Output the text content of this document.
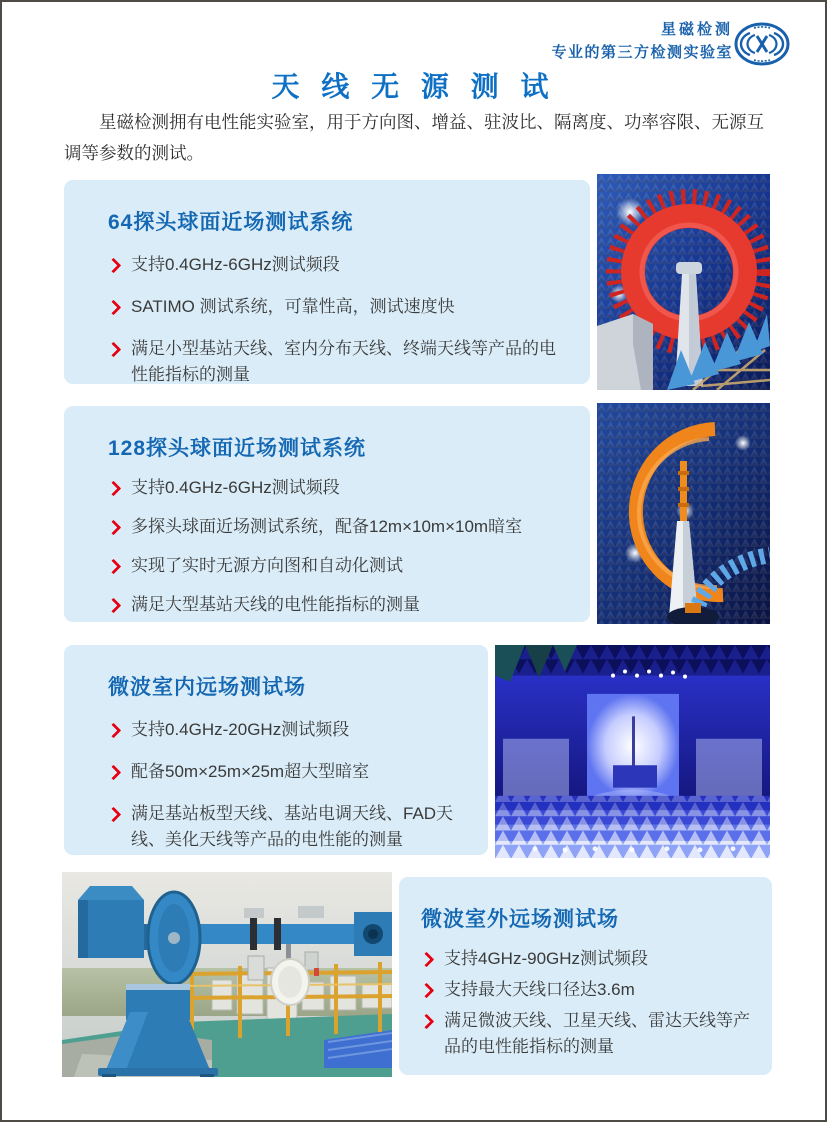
星磁检测
专业的第三方检测实验室
天 线 无 源 测 试

星磁检测拥有电性能实验室，用于方向图、增益、驻波比、隔离度、功率容限、无源互调等参数的测试。

64探头球面近场测试系统
支持0.4GHz-6GHz测试频段
SATIMO 测试系统，可靠性高，测试速度快
满足小型基站天线、室内分布天线、终端天线等产品的电性能指标的测量
128探头球面近场测试系统
支持0.4GHz-6GHz测试频段
多探头球面近场测试系统，配备12m×10m×10m暗室
实现了实时无源方向图和自动化测试
满足大型基站天线的电性能指标的测量
微波室内远场测试场
支持0.4GHz-20GHz测试频段
配备50m×25m×25m超大型暗室
满足基站板型天线、基站电调天线、FAD天线、美化天线等产品的电性能的测量
微波室外远场测试场
支持4GHz-90GHz测试频段
支持最大天线口径达3.6m
满足微波天线、卫星天线、雷达天线等产品的电性能指标的测量
